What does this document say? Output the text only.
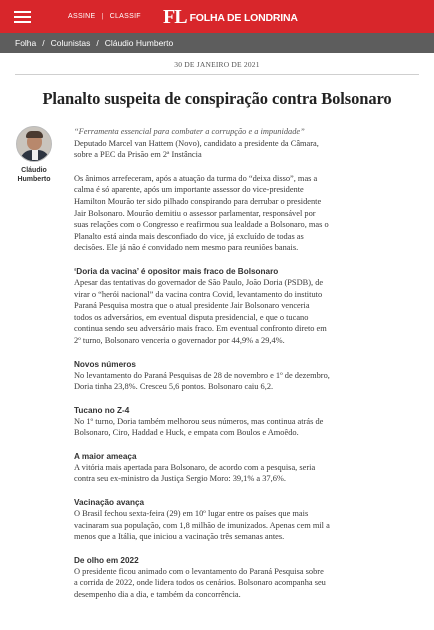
ASSINE | CLASSIF FL FOLHA DE LONDRINA
Folha / Colunistas / Cláudio Humberto
30 DE JANEIRO DE 2021
Planalto suspeita de conspiração contra Bolsonaro
Cláudio
Humberto
“Ferramenta essencial para combater a corrupção e a impunidade”
Deputado Marcel van Hattem (Novo), candidato a presidente da Câmara,
sobre a PEC da Prisão em 2ª Instância
Os ânimos arrefeceram, após a atuação da turma do “deixa disso”, mas a
calma é só aparente, após um importante assessor do vice-presidente
Hamilton Mourão ter sido pilhado conspirando para derrubar o presidente
Jair Bolsonaro. Mourão demitiu o assessor parlamentar, responsável por
suas relações com o Congresso e reafirmou sua lealdade a Bolsonaro, mas o
Planalto está ainda mais desconfiado do vice, já excluído de todas as
decisões. Ele já não é convidado nem mesmo para reuniões banais.
‘Doria da vacina’ é opositor mais fraco de Bolsonaro
Apesar das tentativas do governador de São Paulo, João Doria (PSDB), de
virar o “herói nacional” da vacina contra Covid, levantamento do instituto
Paraná Pesquisa mostra que o atual presidente Jair Bolsonaro venceria
todos os adversários, em eventual disputa presidencial, e que o tucano
continua sendo seu adversário mais fraco. Em eventual confronto direto em
2º turno, Bolsonaro venceria o governador por 44,9% a 29,4%.
Novos números
No levantamento do Paraná Pesquisas de 28 de novembro e 1º de dezembro,
Doria tinha 23,8%. Cresceu 5,6 pontos. Bolsonaro caiu 6,2.
Tucano no Z-4
No 1º turno, Doria também melhorou seus números, mas continua atrás de
Bolsonaro, Ciro, Haddad e Huck, e empata com Boulos e Amoêdo.
A maior ameaça
A vitória mais apertada para Bolsonaro, de acordo com a pesquisa, seria
contra seu ex-ministro da Justiça Sergio Moro: 39,1% a 37,6%.
Vacinação avança
O Brasil fechou sexta-feira (29) em 10º lugar entre os países que mais
vacinaram sua população, com 1,8 milhão de imunizados. Apenas cem mil a
menos que a Itália, que iniciou a vacinação três semanas antes.
De olho em 2022
O presidente ficou animado com o levantamento do Paraná Pesquisa sobre
a corrida de 2022, onde lidera todos os cenários. Bolsonaro acompanha seu
desempenho dia a dia, e também da concorrência.
